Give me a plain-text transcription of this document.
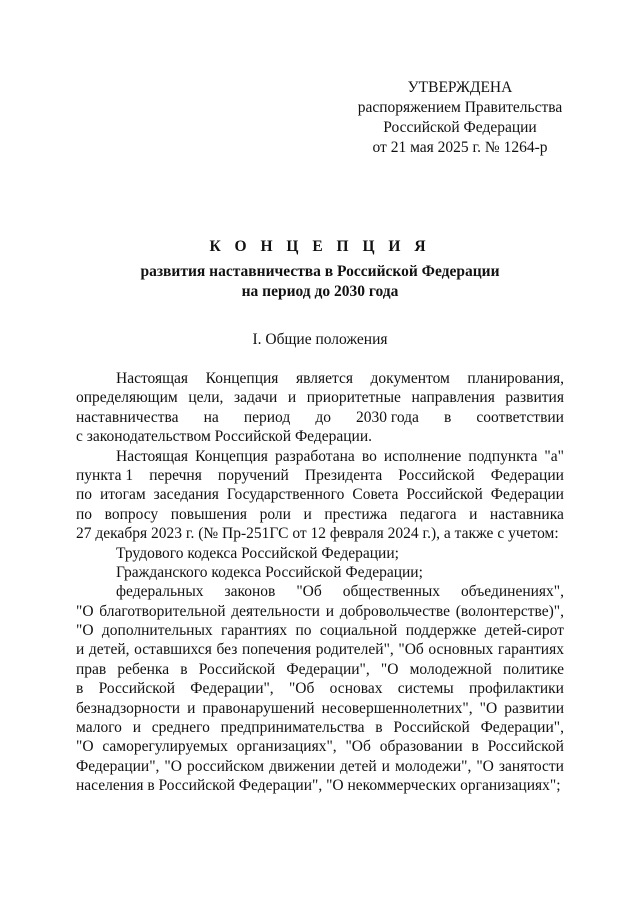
УТВЕРЖДЕНА
распоряжением Правительства
Российской Федерации
от 21 мая 2025 г. № 1264-р
К О Н Ц Е П Ц И Я
развития наставничества в Российской Федерации
на период до 2030 года
I. Общие положения
Настоящая Концепция является документом планирования,
определяющим цели, задачи и приоритетные направления развития
наставничества на период до 2030 года в соответствии
с законодательством Российской Федерации.
Настоящая Концепция разработана во исполнение подпункта "а"
пункта 1 перечня поручений Президента Российской Федерации
по итогам заседания Государственного Совета Российской Федерации
по вопросу повышения роли и престижа педагога и наставника
27 декабря 2023 г. (№ Пр-251ГС от 12 февраля 2024 г.), а также с учетом:
Трудового кодекса Российской Федерации;
Гражданского кодекса Российской Федерации;
федеральных законов "Об общественных объединениях",
"О благотворительной деятельности и добровольчестве (волонтерстве)",
"О дополнительных гарантиях по социальной поддержке детей-сирот
и детей, оставшихся без попечения родителей", "Об основных гарантиях
прав ребенка в Российской Федерации", "О молодежной политике
в Российской Федерации", "Об основах системы профилактики
безнадзорности и правонарушений несовершеннолетних", "О развитии
малого и среднего предпринимательства в Российской Федерации",
"О саморегулируемых организациях", "Об образовании в Российской
Федерации", "О российском движении детей и молодежи", "О занятости
населения в Российской Федерации", "О некоммерческих организациях";
